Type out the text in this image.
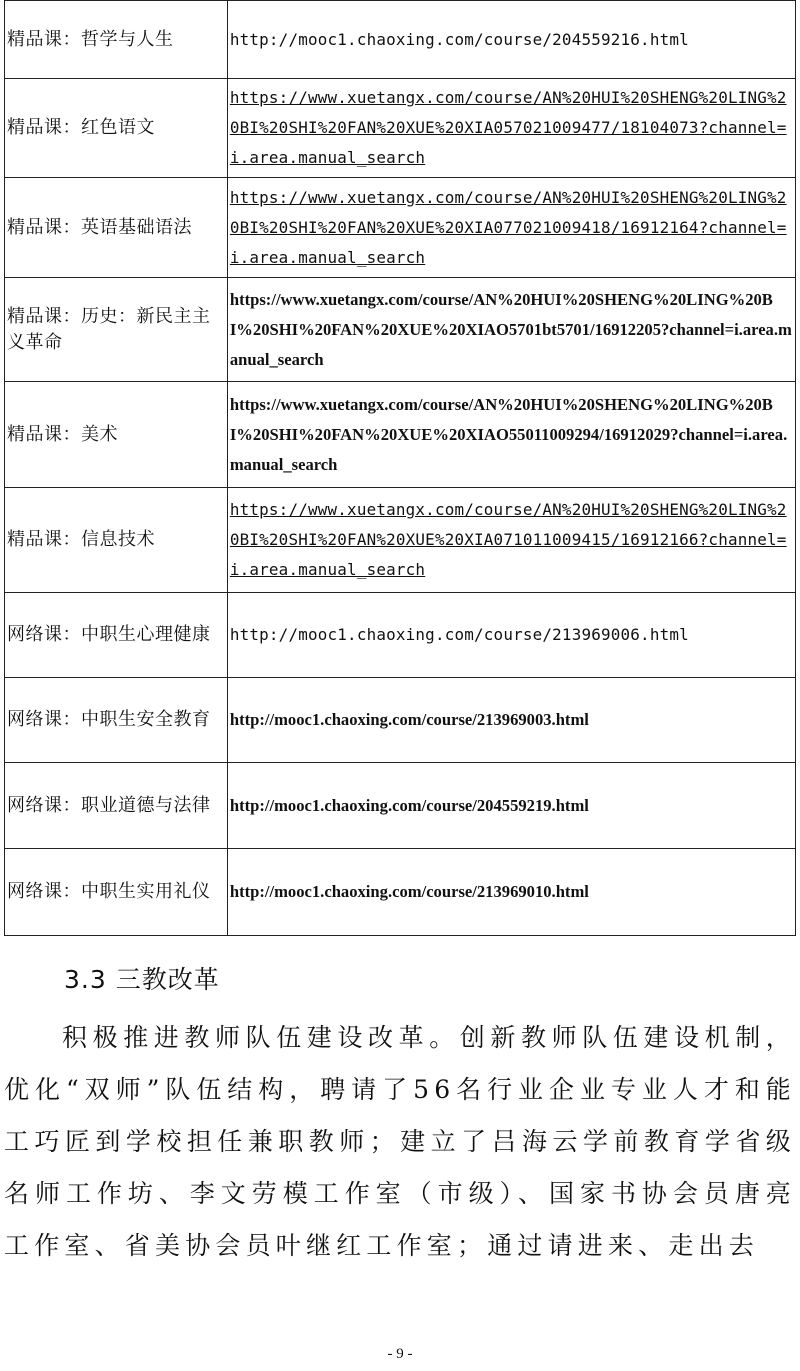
精品课：哲学与人生	http://mooc1.chaoxing.com/course/204559216.html
精品课：红色语文	https://www.xuetangx.com/course/AN%20HUI%20SHENG%20LING%20BI%20SHI%20FAN%20XUE%20XIA057021009477/18104073?channel=i.area.manual_search
精品课：英语基础语法	https://www.xuetangx.com/course/AN%20HUI%20SHENG%20LING%20BI%20SHI%20FAN%20XUE%20XIA077021009418/16912164?channel=i.area.manual_search
精品课：历史：新民主主义革命	https://www.xuetangx.com/course/AN%20HUI%20SHENG%20LING%20BI%20SHI%20FAN%20XUE%20XIAO5701bt5701/16912205?channel=i.area.manual_search
精品课：美术	https://www.xuetangx.com/course/AN%20HUI%20SHENG%20LING%20BI%20SHI%20FAN%20XUE%20XIAO55011009294/16912029?channel=i.area.manual_search
精品课：信息技术	https://www.xuetangx.com/course/AN%20HUI%20SHENG%20LING%20BI%20SHI%20FAN%20XUE%20XIA071011009415/16912166?channel=i.area.manual_search
网络课：中职生心理健康	http://mooc1.chaoxing.com/course/213969006.html
网络课：中职生安全教育	http://mooc1.chaoxing.com/course/213969003.html
网络课：职业道德与法律	http://mooc1.chaoxing.com/course/204559219.html
网络课：中职生实用礼仪	http://mooc1.chaoxing.com/course/213969010.html
3.3 三教改革

积极推进教师队伍建设改革。创新教师队伍建设机制，优化“双师”队伍结构，聘请了56名行业企业专业人才和能工巧匠到学校担任兼职教师；建立了吕海云学前教育学省级名师工作坊、李文劳模工作室（市级）、国家书协会员唐亮工作室、省美协会员叶继红工作室；通过请进来、走出去

- 9 -
